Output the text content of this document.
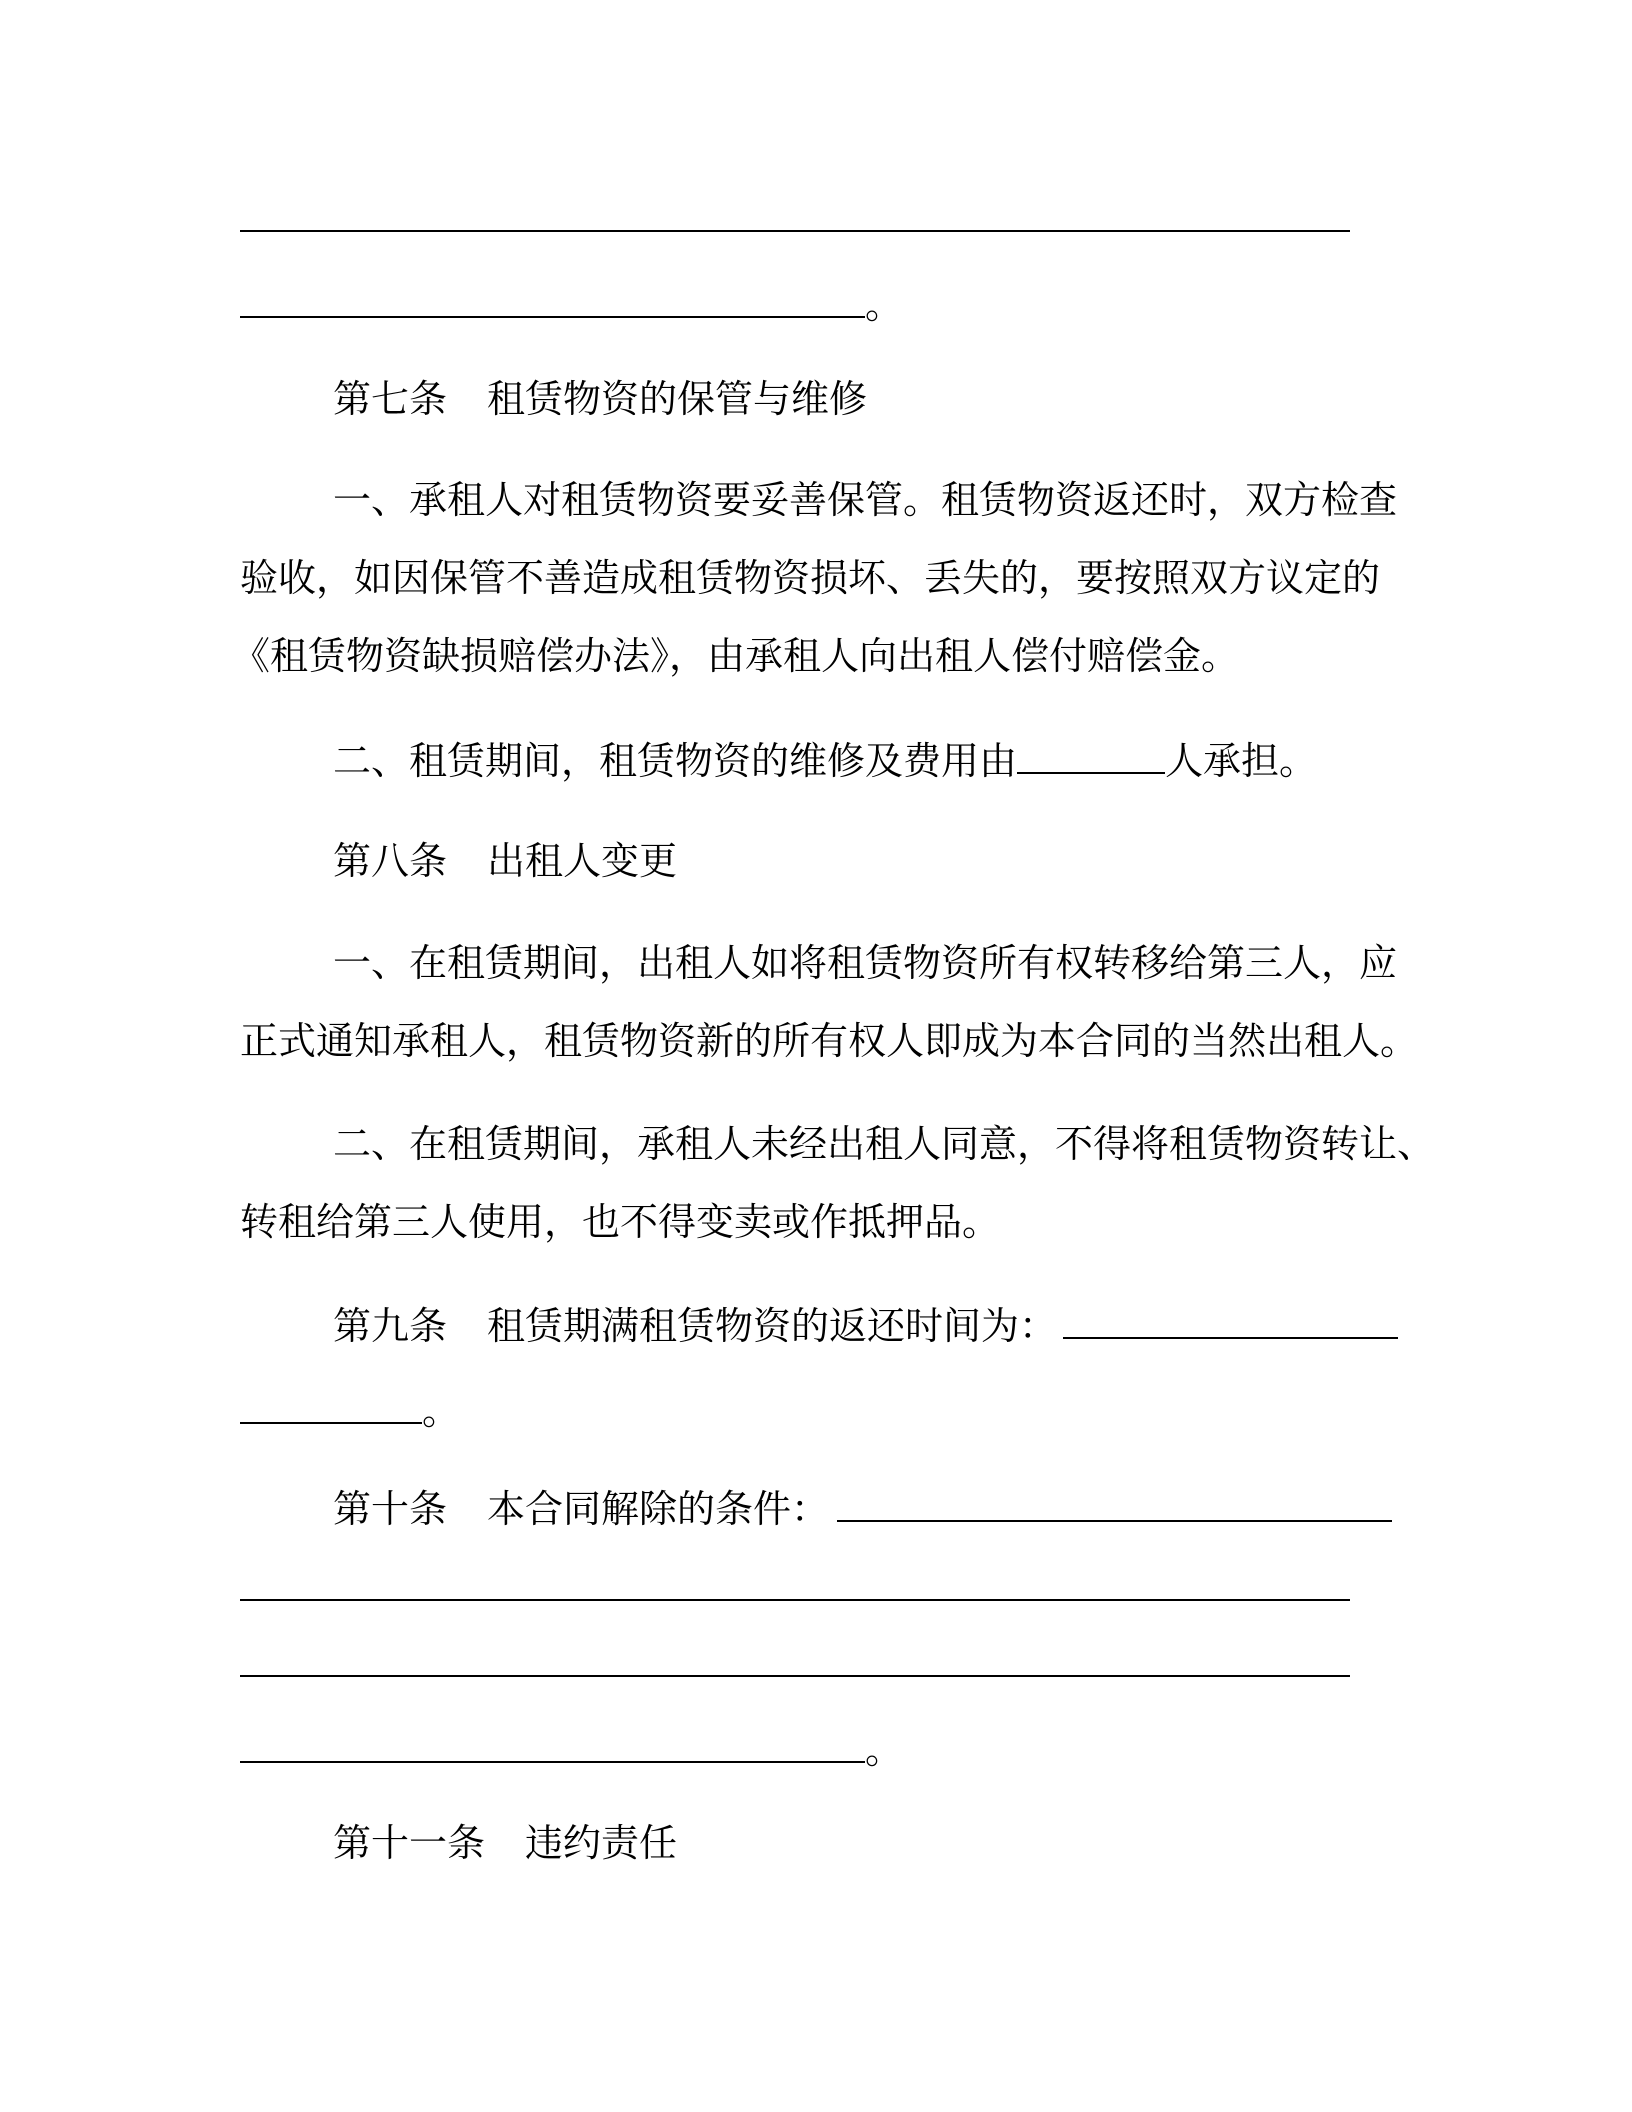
。
第七条 租赁物资的保管与维修
一、承租人对租赁物资要妥善保管。租赁物资返还时，双方检查
验收，如因保管不善造成租赁物资损坏、丢失的，要按照双方议定的
《租赁物资缺损赔偿办法》，由承租人向出租人偿付赔偿金。
二、租赁期间，租赁物资的维修及费用由	人承担。
第八条 出租人变更
一、在租赁期间，出租人如将租赁物资所有权转移给第三人，应
正式通知承租人，租赁物资新的所有权人即成为本合同的当然出租人。
二、在租赁期间，承租人未经出租人同意，不得将租赁物资转让、
转租给第三人使用，也不得变卖或作抵押品。
第九条 租赁期满租赁物资的返还时间为：
。
第十条 本合同解除的条件：
。
第十一条 违约责任
